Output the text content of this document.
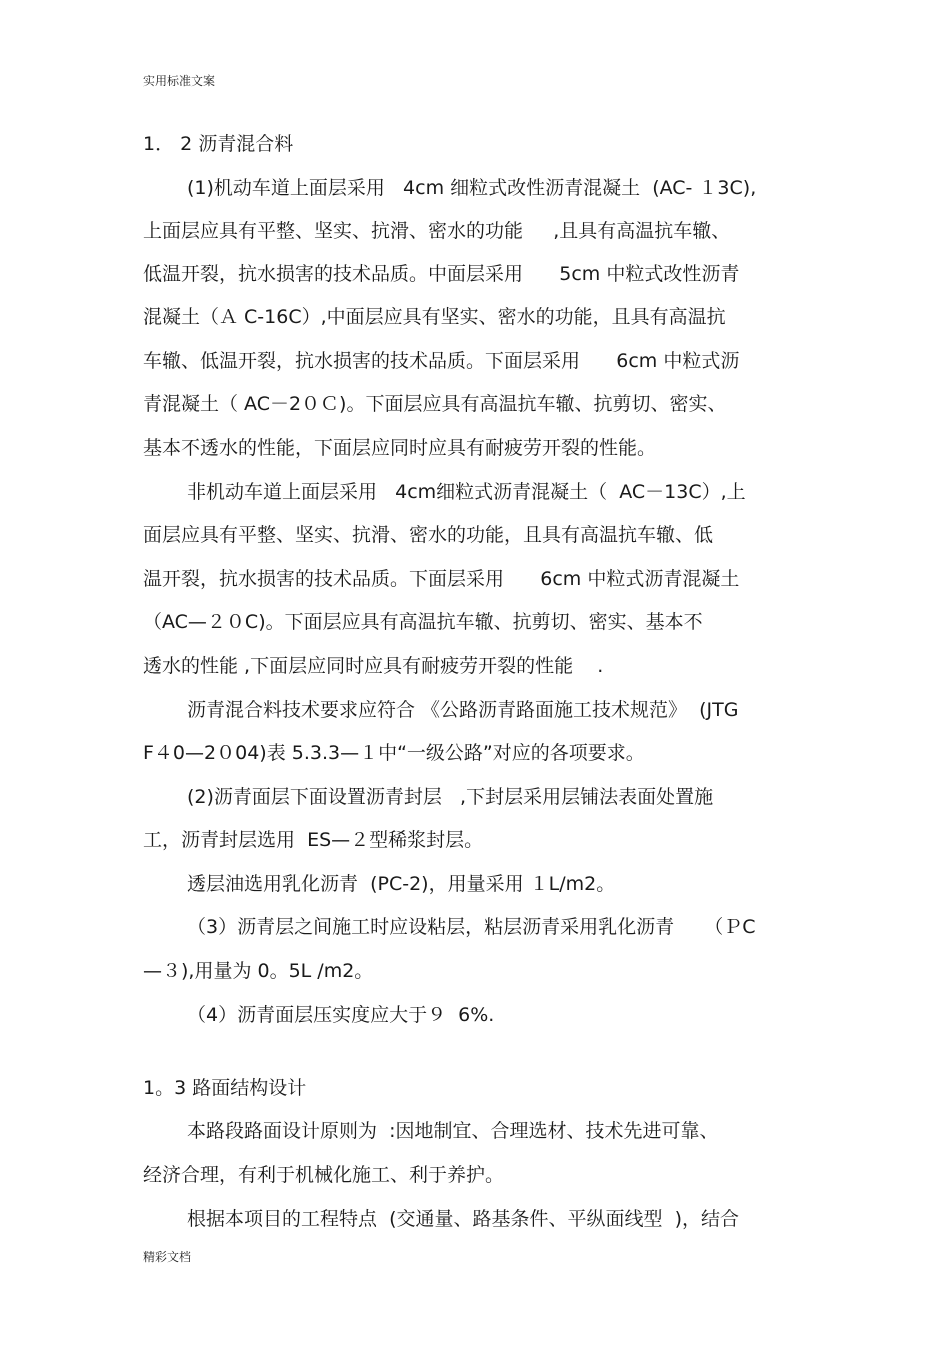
实用标准文案
1． 2 沥青混合料
(1)机动车道上面层采用   4cm 细粒式改性沥青混凝土  (AC- １3C),
上面层应具有平整、坚实、抗滑、密水的功能     ,且具有高温抗车辙、
低温开裂，抗水损害的技术品质。中面层采用      5cm 中粒式改性沥青
混凝土（Ａ C-16C）,中面层应具有坚实、密水的功能，且具有高温抗
车辙、低温开裂，抗水损害的技术品质。下面层采用      6cm 中粒式沥
青混凝土（ AC－2０Ｃ)。下面层应具有高温抗车辙、抗剪切、密实、
基本不透水的性能，下面层应同时应具有耐疲劳开裂的性能。
非机动车道上面层采用   4cm细粒式沥青混凝土（  AC－13C）,上
面层应具有平整、坚实、抗滑、密水的功能，且具有高温抗车辙、低
温开裂，抗水损害的技术品质。下面层采用      6cm 中粒式沥青混凝土
（AC—２０C)。下面层应具有高温抗车辙、抗剪切、密实、基本不
透水的性能 ,下面层应同时应具有耐疲劳开裂的性能    .
沥青混合料技术要求应符合 《公路沥青路面施工技术规范》  (JTG
F４0—2０04)表 5.3.3—１中“一级公路”对应的各项要求。
(2)沥青面层下面设置沥青封层   ,下封层采用层铺法表面处置施
工，沥青封层选用  ES—２型稀浆封层。
透层油选用乳化沥青  (PC-2)，用量采用 １L/m2。
（3）沥青层之间施工时应设粘层，粘层沥青采用乳化沥青     （ＰC
—３),用量为 0。5L /m2。
（4）沥青面层压实度应大于９  6%.
1。3 路面结构设计
本路段路面设计原则为  :因地制宜、合理选材、技术先进可靠、
经济合理，有利于机械化施工、利于养护。
根据本项目的工程特点  (交通量、路基条件、平纵面线型  )，结合
精彩文档
